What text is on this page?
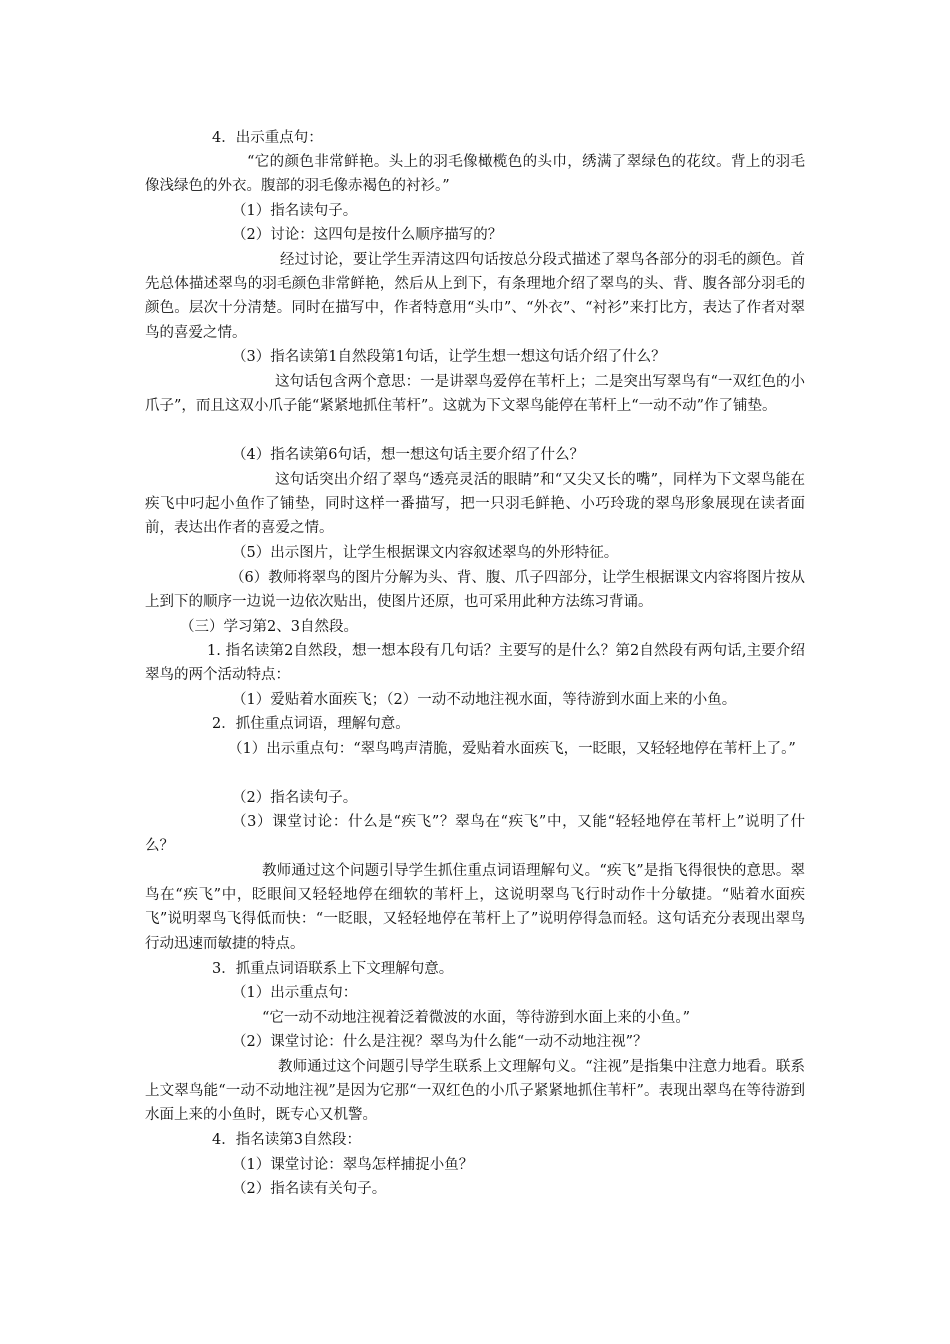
4．出示重点句：

“它的颜色非常鲜艳。头上的羽毛像橄榄色的头巾，绣满了翠绿色的花纹。背上的羽毛像浅绿色的外衣。腹部的羽毛像赤褐色的衬衫。”

（1）指名读句子。

（2）讨论：这四句是按什么顺序描写的？

经过讨论，要让学生弄清这四句话按总分段式描述了翠鸟各部分的羽毛的颜色。首先总体描述翠鸟的羽毛颜色非常鲜艳，然后从上到下，有条理地介绍了翠鸟的头、背、腹各部分羽毛的颜色。层次十分清楚。同时在描写中，作者特意用“头巾”、“外衣”、“衬衫”来打比方，表达了作者对翠鸟的喜爱之情。

（3）指名读第1自然段第1句话，让学生想一想这句话介绍了什么？

这句话包含两个意思：一是讲翠鸟爱停在苇杆上；二是突出写翠鸟有“一双红色的小爪子”，而且这双小爪子能“紧紧地抓住苇杆”。这就为下文翠鸟能停在苇杆上“一动不动”作了铺垫。

（4）指名读第6句话，想一想这句话主要介绍了什么？

这句话突出介绍了翠鸟“透亮灵活的眼睛”和“又尖又长的嘴”，同样为下文翠鸟能在疾飞中叼起小鱼作了铺垫，同时这样一番描写，把一只羽毛鲜艳、小巧玲珑的翠鸟形象展现在读者面前，表达出作者的喜爱之情。

（5）出示图片，让学生根据课文内容叙述翠鸟的外形特征。

（6）教师将翠鸟的图片分解为头、背、腹、爪子四部分，让学生根据课文内容将图片按从上到下的顺序一边说一边依次贴出，使图片还原，也可采用此种方法练习背诵。

（三）学习第2、3自然段。

1. 指名读第2自然段，想一想本段有几句话？主要写的是什么？第2自然段有两句话,主要介绍翠鸟的两个活动特点：

（1）爱贴着水面疾飞；（2）一动不动地注视水面，等待游到水面上来的小鱼。

2．抓住重点词语，理解句意。

（1）出示重点句：“翠鸟鸣声清脆，爱贴着水面疾飞，一眨眼，又轻轻地停在苇杆上了。”

（2）指名读句子。

（3）课堂讨论：什么是“疾飞”？翠鸟在“疾飞”中，又能“轻轻地停在苇杆上”说明了什么？

教师通过这个问题引导学生抓住重点词语理解句义。“疾飞”是指飞得很快的意思。翠鸟在“疾飞”中，眨眼间又轻轻地停在细软的苇杆上，这说明翠鸟飞行时动作十分敏捷。“贴着水面疾飞”说明翠鸟飞得低而快：“一眨眼，又轻轻地停在苇杆上了”说明停得急而轻。这句话充分表现出翠鸟行动迅速而敏捷的特点。

3．抓重点词语联系上下文理解句意。

（1）出示重点句：

“它一动不动地注视着泛着微波的水面，等待游到水面上来的小鱼。”

（2）课堂讨论：什么是注视？翠鸟为什么能“一动不动地注视”？

教师通过这个问题引导学生联系上文理解句义。“注视”是指集中注意力地看。联系上文翠鸟能“一动不动地注视”是因为它那“一双红色的小爪子紧紧地抓住苇杆”。表现出翠鸟在等待游到水面上来的小鱼时，既专心又机警。

4．指名读第3自然段：

（1）课堂讨论：翠鸟怎样捕捉小鱼？

（2）指名读有关句子。
